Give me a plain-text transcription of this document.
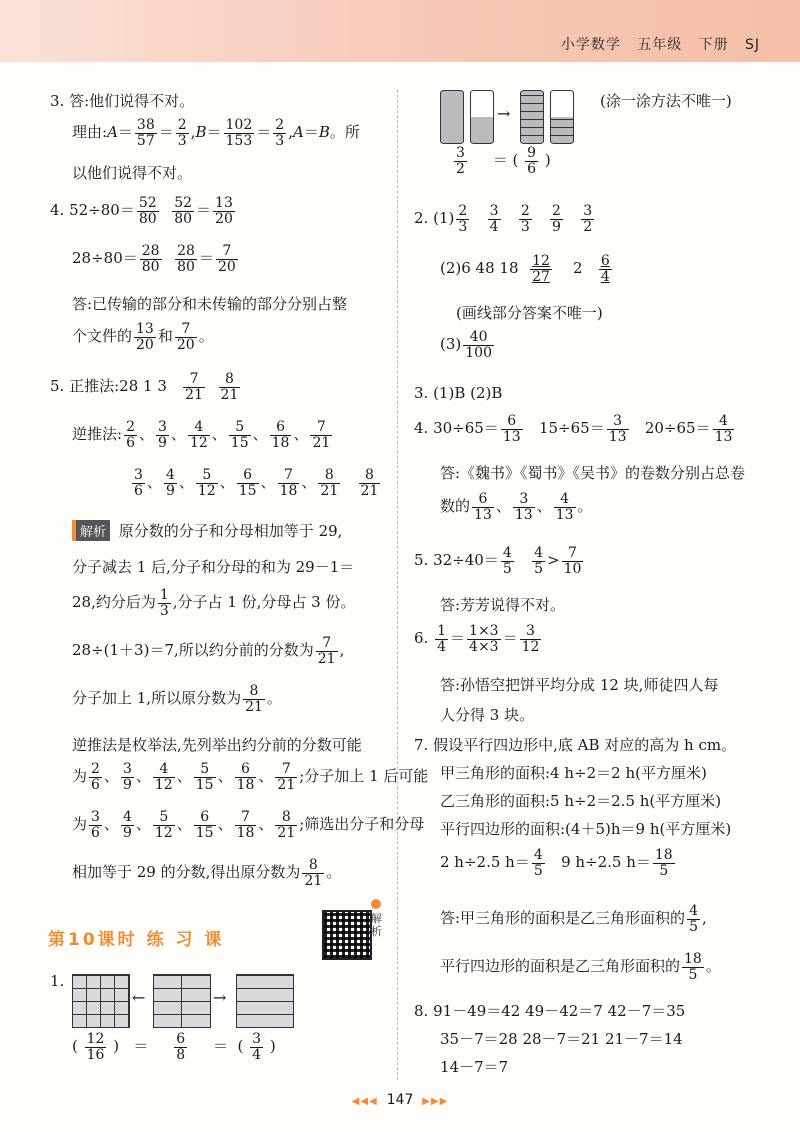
小学数学 五年级 下册 SJ
3. 答:他们说得不对。
理由:A＝ $\frac{38}{57} = \frac{2}{3} ,B= \frac{102}{153} = \frac{2}{3} ,A=B$。所
以他们说得不对。
4. $52\div 80= \frac{52}{80}$
$\frac{52}{80} = \frac{13}{20}$
$28\div 80= \frac{28}{80}$
$\frac{28}{80} = \frac{7}{20}$
答:已传输的部分和未传输的部分分别占整
个文件的 $\frac{13}{20}$ 和 $\frac{7}{20}$ 。
5. 正推法:28 1 $3 \frac{7}{21}$
$\frac{8}{21}$
逆推法: $\frac{2}{6}$ 、 $\frac{3}{9}$ 、 $\frac{4}{12}$ 、 $\frac{5}{15}$ 、 $\frac{6}{18}$ 、 $\frac{7}{21}$
$\frac{3}{6}$ 、 $\frac{4}{9}$ 、 $\frac{5}{12}$ 、 $\frac{6}{15}$ 、 $\frac{7}{18}$ 、 $\frac{8}{21}$
$\frac{8}{21}$
解析 原分数的分子和分母相加等于 29,
分子减去 1 后,分子和分母的和为 29－1＝
28,约分后为 $\frac{1}{3}$ ,分子占 1 份,分母占 3 份。
28÷(1＋3)＝7,所以约分前的分数为 $\frac{7}{21}$ ,
分子加上 1,所以原分数为 $\frac{8}{21}$ 。
逆推法是枚举法,先列举出约分前的分数可能
为 $\frac{2}{6}$ 、 $\frac{3}{9}$ 、 $\frac{4}{12}$ 、 $\frac{5}{15}$ 、 $\frac{6}{18}$ 、 $\frac{7}{21}$ ;分子加上 1 后可能
为 $\frac{3}{6}$ 、 $\frac{4}{9}$ 、 $\frac{5}{12}$ 、 $\frac{6}{15}$ 、 $\frac{7}{18}$ 、 $\frac{8}{21}$ ;筛选出分子和分母
相加等于 29 的分数,得出原分数为 $\frac{8}{21}$ 。
第10课时 练 习 课
解析
1.
←	→
( $\frac{12}{16}$ )   ＝ $\frac{6}{8}$ ＝  ( $\frac{3}{4}$ )
→
(涂一涂方法不唯一)
$\frac{3}{2}$ ＝ ( $\frac{9}{6}$ )
2. $(1) \frac{2}{3}$
$\frac{3}{4}$
$\frac{2}{3}$
$\frac{2}{9}$
$\frac{3}{2}$
(2)6 48 $18 \frac{12}{27} 2 \frac{6}{4}$
(画线部分答案不唯一)
$(3) \frac{40}{100}$
3. (1)B (2)B
4. $30\div 65= \frac{6}{13} 15\div 65= \frac{3}{13} 20\div 65= \frac{4}{13}$
答:《魏书》《蜀书》《吴书》的卷数分别占总卷
数的 $\frac{6}{13}$ 、 $\frac{3}{13}$ 、 $\frac{4}{13}$ 。
5. $32\div 40= \frac{4}{5}$
$\frac{4}{5} > \frac{7}{10}$
答:芳芳说得不对。
6. $\frac{1}{4} = \frac{1\times 3}{4\times 3} = \frac{3}{12}$
答:孙悟空把饼平均分成 12 块,师徒四人每
人分得 3 块。
7. 假设平行四边形中,底 AB 对应的高为 h cm。
甲三角形的面积:4 h÷2＝2 h(平方厘米)
乙三角形的面积:5 h÷2＝2.5 h(平方厘米)
平行四边形的面积:(4＋5)h＝9 h(平方厘米)
2 h÷2.5 $h= \frac{4}{5} 9$ h÷2.5 $h= \frac{18}{5}$
答:甲三角形的面积是乙三角形面积的 $\frac{4}{5}$ ,
平行四边形的面积是乙三角形面积的 $\frac{18}{5}$ 。
8. 91－49＝42 49－42＝7 42－7＝35
35－7＝28 28－7＝21 21－7＝14
14－7＝7
◀◀◀ 147 ▶▶▶
